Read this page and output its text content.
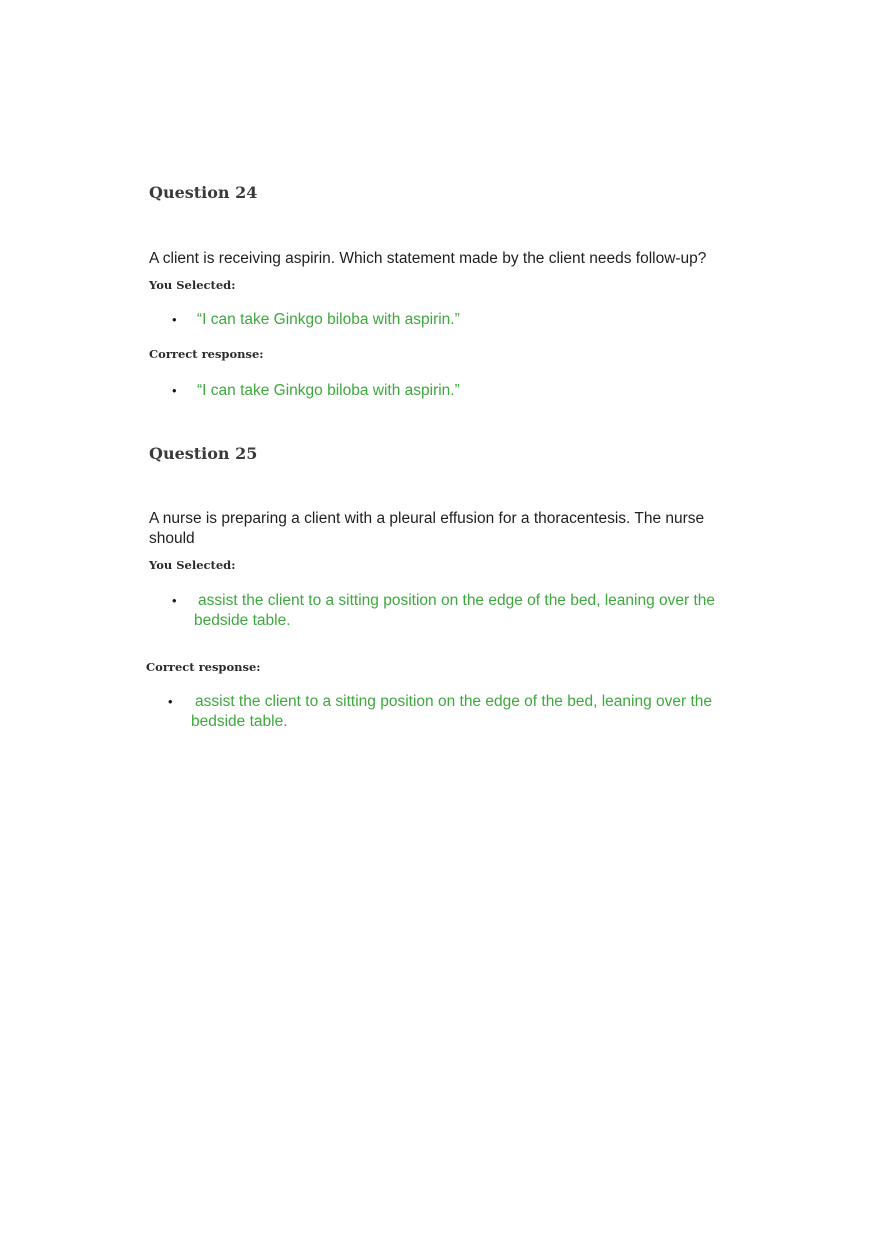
Question 24

A client is receiving aspirin. Which statement made by the client needs follow-up?

You Selected:

• “I can take Ginkgo biloba with aspirin.”

Correct response:

• “I can take Ginkgo biloba with aspirin.”

Question 25

A nurse is preparing a client with a pleural effusion for a thoracentesis. The nurse should

You Selected:

• assist the client to a sitting position on the edge of the bed, leaning over the bedside table.

Correct response:

• assist the client to a sitting position on the edge of the bed, leaning over the bedside table.
